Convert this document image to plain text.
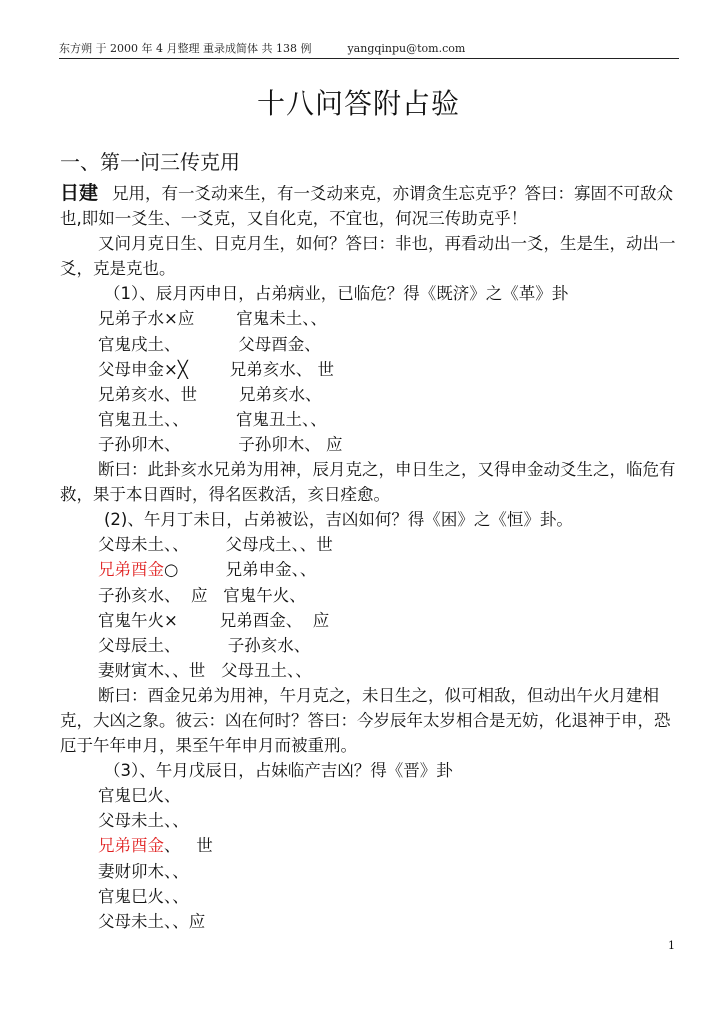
东方朔 于 2000 年 4 月整理 重录成简体 共 138 例	yangqinpu@tom.com
十八问答附占验
一、第一问三传克用

日建 兄用，有一爻动来生，有一爻动来克，亦谓贪生忘克乎？答曰：寡固不可敌众也,即如一爻生、一爻克，又自化克，不宜也，何况三传助克乎！

又问月克日生、日克月生，如何？答曰：非也，再看动出一爻，生是生，动出一爻，克是克也。

（1）、辰月丙申日，占弟病业，已临危？得《既济》之《革》卦

兄弟子水×应        官鬼未土、、
官鬼戌土、           父母酉金、
父母申金×╳        兄弟亥水、 世
兄弟亥水、世        兄弟亥水、
官鬼丑土、、         官鬼丑土、、
子孙卯木、           子孙卯木、 应

断曰：此卦亥水兄弟为用神，辰月克之，申日生之，又得申金动爻生之，临危有救，果于本日酉时，得名医救活，亥日痊愈。

(2)、午月丁未日，占弟被讼，吉凶如何？得《困》之《恒》卦。

父母未土、、       父母戌土、、世
兄弟酉金○         兄弟申金、、
子孙亥水、  应   官鬼午火、
官鬼午火×        兄弟酉金、  应
父母辰土、         子孙亥水、
妻财寅木、、世   父母丑土、、

断曰：酉金兄弟为用神，午月克之，未日生之，似可相敌，但动出午火月建相克，大凶之象。彼云：凶在何时？答曰：今岁辰年太岁相合是无妨，化退神于申，恐厄于午年申月，果至午年申月而被重刑。

（3）、午月戊辰日，占妹临产吉凶？得《晋》卦

官鬼巳火、
父母未土、、
兄弟酉金、   世
妻财卯木、、
官鬼巳火、、
父母未土、、应
1
